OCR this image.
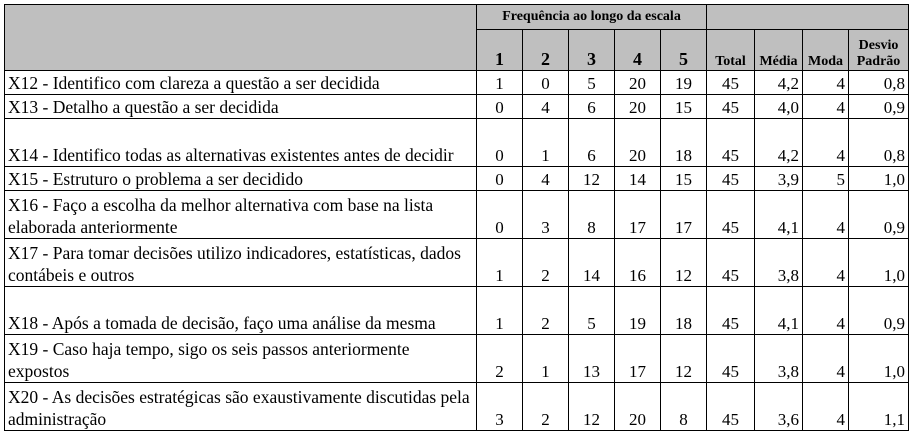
	Frequência ao longo da escala								
	1	2	3	4	5	Total	Média	Moda	Desvio Padrão
X12 - Identifico com clareza a questão a ser decidida	1	0	5	20	19	45	4,2	4	0,8
X13 - Detalho a questão a ser decidida	0	4	6	20	15	45	4,0	4	0,9
X14 - Identifico todas as alternativas existentes antes de decidir	0	1	6	20	18	45	4,2	4	0,8
X15 - Estruturo o problema a ser decidido	0	4	12	14	15	45	3,9	5	1,0
X16 - Faço a escolha da melhor alternativa com base na lista elaborada anteriormente	0	3	8	17	17	45	4,1	4	0,9
X17 - Para tomar decisões utilizo indicadores, estatísticas, dados contábeis e outros	1	2	14	16	12	45	3,8	4	1,0
X18 - Após a tomada de decisão, faço uma análise da mesma	1	2	5	19	18	45	4,1	4	0,9
X19 - Caso haja tempo, sigo os seis passos anteriormente expostos	2	1	13	17	12	45	3,8	4	1,0
X20 - As decisões estratégicas são exaustivamente discutidas pela administração	3	2	12	20	8	45	3,6	4	1,1
